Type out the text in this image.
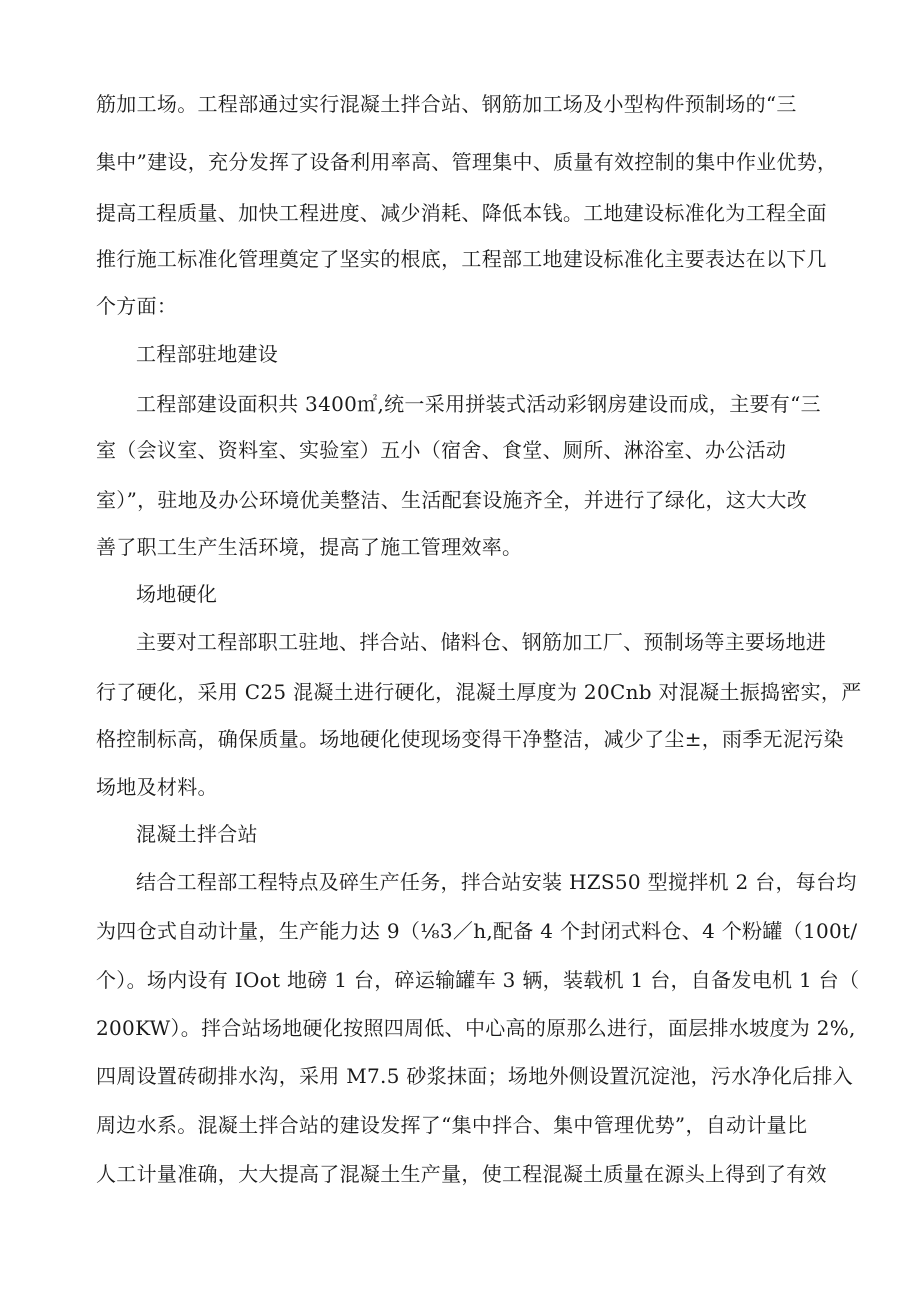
筋加工场。工程部通过实行混凝土拌合站、钢筋加工场及小型构件预制场的“三
集中”建设，充分发挥了设备利用率高、管理集中、质量有效控制的集中作业优势，
提高工程质量、加快工程进度、减少消耗、降低本钱。工地建设标准化为工程全面
推行施工标准化管理奠定了坚实的根底，工程部工地建设标准化主要表达在以下几
个方面：
工程部驻地建设
工程部建设面积共 3400㎡,统一采用拼装式活动彩钢房建设而成，主要有“三
室（会议室、资料室、实验室）五小（宿舍、食堂、厕所、淋浴室、办公活动
室）”，驻地及办公环境优美整洁、生活配套设施齐全，并进行了绿化，这大大改
善了职工生产生活环境，提高了施工管理效率。
场地硬化
主要对工程部职工驻地、拌合站、储料仓、钢筋加工厂、预制场等主要场地进
行了硬化，采用 C25 混凝土进行硬化，混凝土厚度为 20Cnb 对混凝土振捣密实，严
格控制标高，确保质量。场地硬化使现场变得干净整洁，减少了尘±，雨季无泥污染
场地及材料。
混凝土拌合站
结合工程部工程特点及碎生产任务，拌合站安装 HZS50 型搅拌机 2 台，每台均
为四仓式自动计量，生产能力达 9（⅛3／h,配备 4 个封闭式料仓、4 个粉罐（100t/
个）。场内设有 IOot 地磅 1 台，碎运输罐车 3 辆，装载机 1 台，自备发电机 1 台（
200KW）。拌合站场地硬化按照四周低、中心高的原那么进行，面层排水坡度为 2%,
四周设置砖砌排水沟，采用 M7.5 砂浆抹面；场地外侧设置沉淀池，污水净化后排入
周边水系。混凝土拌合站的建设发挥了“集中拌合、集中管理优势”，自动计量比
人工计量准确，大大提高了混凝土生产量，使工程混凝土质量在源头上得到了有效
